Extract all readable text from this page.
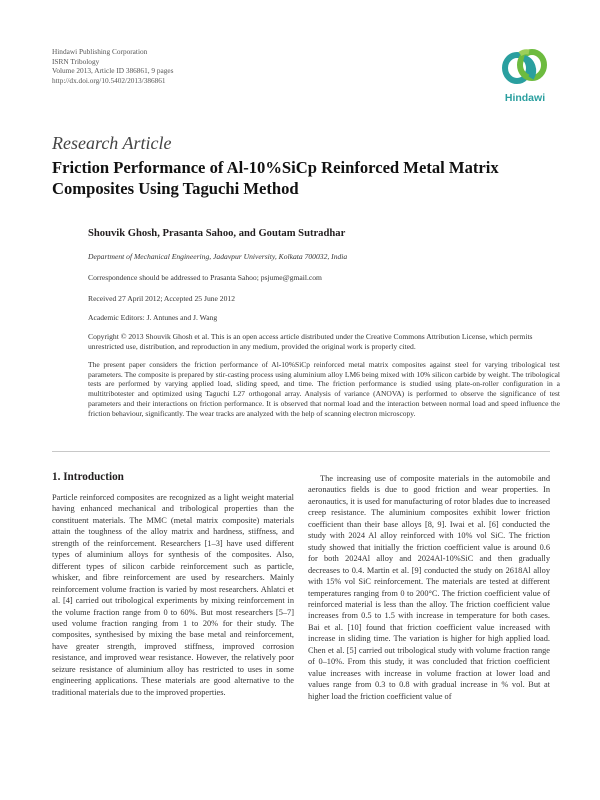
Hindawi Publishing Corporation
ISRN Tribology
Volume 2013, Article ID 386861, 9 pages
http://dx.doi.org/10.5402/2013/386861
Hindawi
Research Article
Friction Performance of Al-10%SiCp Reinforced Metal Matrix Composites Using Taguchi Method
Shouvik Ghosh, Prasanta Sahoo, and Goutam Sutradhar
Department of Mechanical Engineering, Jadavpur University, Kolkata 700032, India
Correspondence should be addressed to Prasanta Sahoo; psjume@gmail.com
Received 27 April 2012; Accepted 25 June 2012
Academic Editors: J. Antunes and J. Wang
Copyright © 2013 Shouvik Ghosh et al. This is an open access article distributed under the Creative Commons Attribution License, which permits unrestricted use, distribution, and reproduction in any medium, provided the original work is properly cited.
The present paper considers the friction performance of Al-10%SiCp reinforced metal matrix composites against steel for varying tribological test parameters. The composite is prepared by stir-casting process using aluminium alloy LM6 being mixed with 10% silicon carbide by weight. The tribological tests are performed by varying applied load, sliding speed, and time. The friction performance is studied using plate-on-roller configuration in a multitribotester and optimized using Taguchi L27 orthogonal array. Analysis of variance (ANOVA) is performed to observe the significance of test parameters and their interactions on friction performance. It is observed that normal load and the interaction between normal load and speed influence the friction behaviour, significantly. The wear tracks are analyzed with the help of scanning electron microscopy.
1. Introduction

Particle reinforced composites are recognized as a light weight material having enhanced mechanical and tribological properties than the constituent materials. The MMC (metal matrix composite) materials attain the toughness of the alloy matrix and hardness, stiffness, and strength of the reinforcement. Researchers [1–3] have used different types of aluminium alloys for synthesis of the composites. Also, different types of silicon carbide reinforcement such as particle, whisker, and fibre reinforcement are used by researchers. Mainly reinforcement volume fraction is varied by most researchers. Ahlatci et al. [4] carried out tribological experiments by mixing reinforcement in the volume fraction range from 0 to 60%. But most researchers [5–7] used volume fraction ranging from 1 to 20% for their study. The composites, synthesised by mixing the base metal and reinforcement, have greater strength, improved stiffness, improved corrosion resistance, and improved wear resistance. However, the relatively poor seizure resistance of aluminium alloy has restricted to uses in some engineering applications. These materials are good alternative to the traditional materials due to the improved properties.

The increasing use of composite materials in the automobile and aeronautics fields is due to good friction and wear properties. In aeronautics, it is used for manufacturing of rotor blades due to increased creep resistance. The aluminium composites exhibit lower friction coefficient than their base alloys [8, 9]. Iwai et al. [6] conducted the study with 2024 Al alloy reinforced with 10% vol SiC. The friction study showed that initially the friction coefficient value is around 0.6 for both 2024Al alloy and 2024Al-10%SiC and then gradually decreases to 0.4. Martin et al. [9] conducted the study on 2618Al alloy with 15% vol SiC reinforcement. The materials are tested at different temperatures ranging from 0 to 200°C. The friction coefficient value of reinforced material is less than the alloy. The friction coefficient value increases from 0.5 to 1.5 with increase in temperature for both cases. Bai et al. [10] found that friction coefficient value increased with increase in sliding time. The variation is higher for high applied load. Chen et al. [5] carried out tribological study with volume fraction range of 0–10%. From this study, it was concluded that friction coefficient value increases with increase in volume fraction at lower load and values range from 0.3 to 0.8 with gradual increase in % vol. But at higher load the friction coefficient value of
